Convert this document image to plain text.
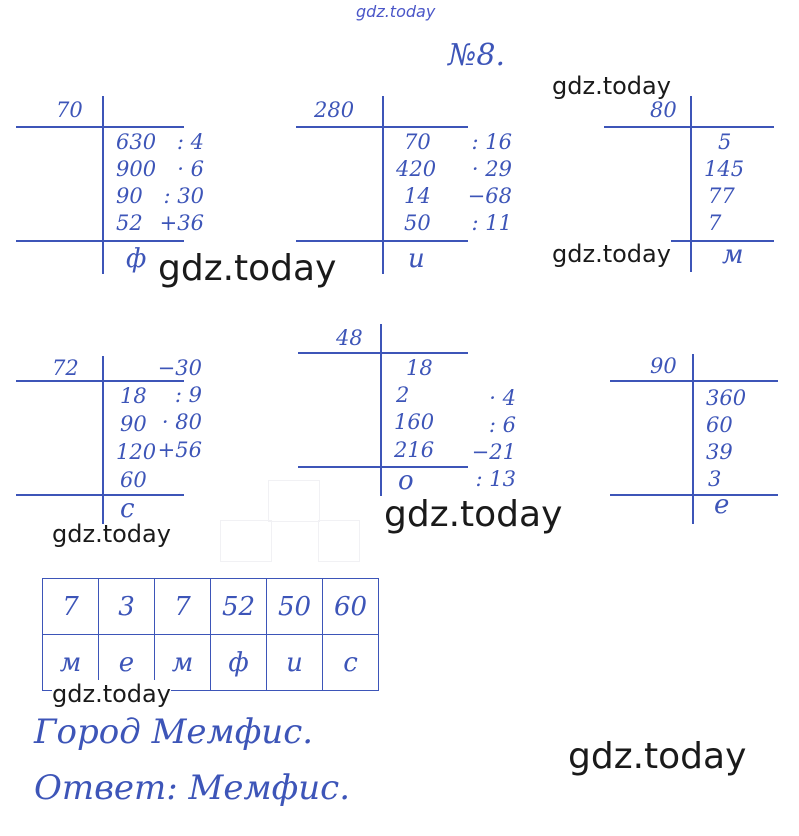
gdz.today
№8.
70
630
900
90
52
ф
280
: 4	70
· 6	420
: 30	14
+36	50
и
80
: 16	5
· 29	145
−68	77
: 11	7
м
72
18
90
120
60
с
48
−30	18
: 9	2
· 80	160
+56	216
о
90
· 4	360
: 6	60
−21	39
: 13	3
е
7	3	7	52	50	60
м	е	м	ф	и	с
Город Мемфис.
Ответ: Мемфис.
gdz.today
gdz.today
gdz.today
gdz.today
gdz.today
gdz.today
gdz.today
